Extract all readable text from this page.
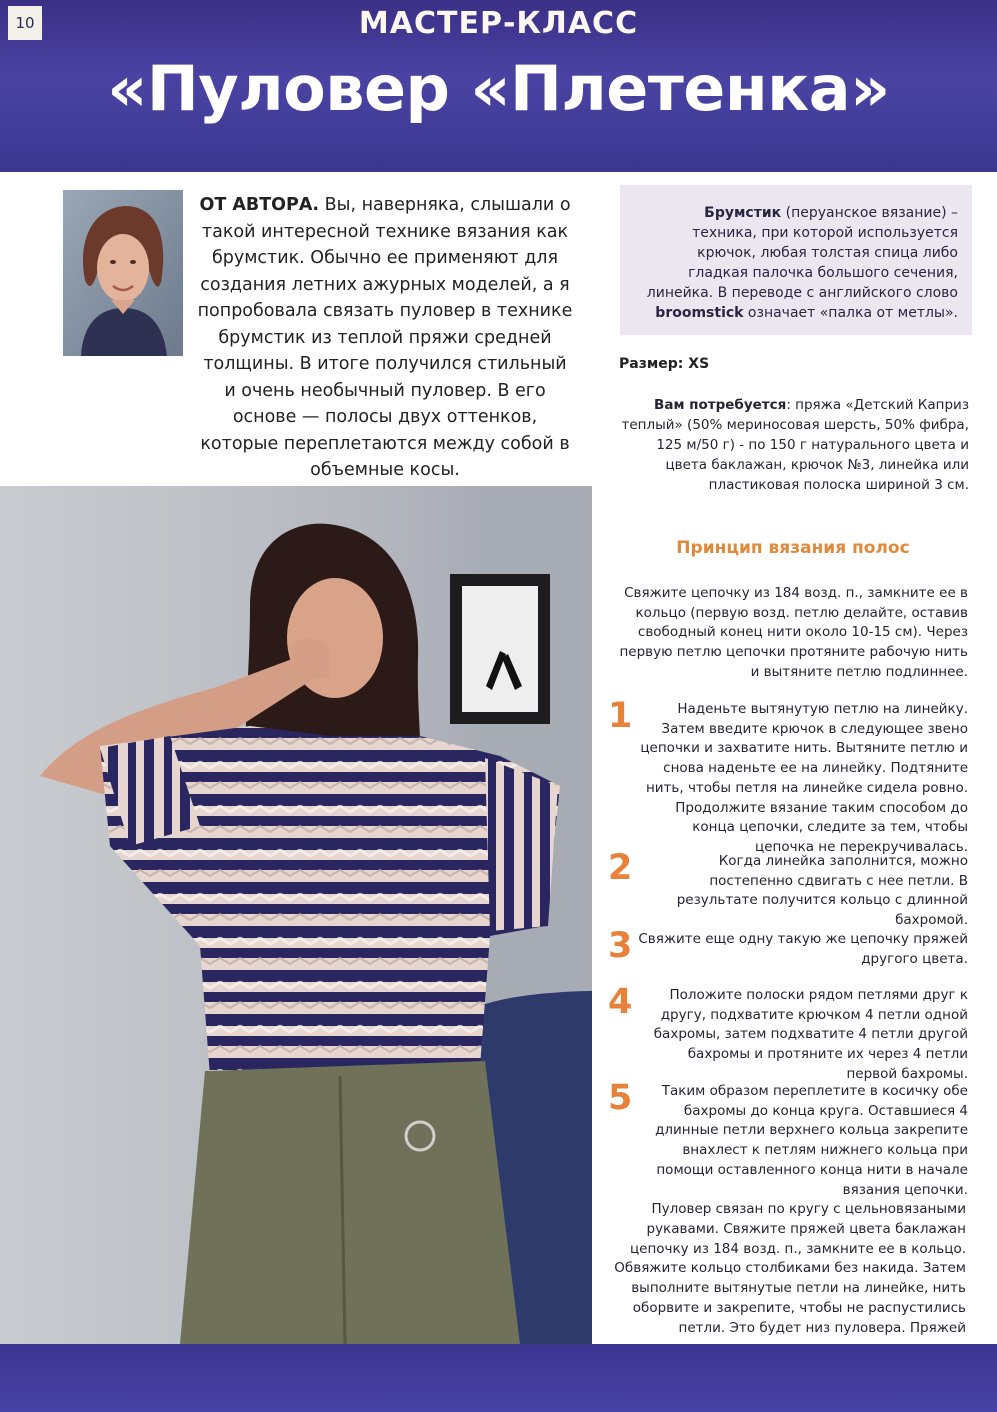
10	МАСТЕР-КЛАСС
«Пуловер «Плетенка»
ОТ АВТОРА. Вы, наверняка, слышали о такой интересной технике вязания как брумстик. Обычно ее применяют для создания летних ажурных моделей, а я попробовала связать пуловер в технике брумстик из теплой пряжи средней толщины. В итоге получился стильный и очень необычный пуловер. В его основе — полосы двух оттенков, которые переплетаются между собой в объемные косы.
Брумстик (перуанское вязание) – техника, при которой используется крючок, любая толстая спица либо гладкая палочка большого сечения, линейка. В переводе с английского слово broomstick означает «палка от метлы».
Размер: XS
Вам потребуется: пряжа «Детский Каприз теплый» (50% мериносовая шерсть, 50% фибра, 125 м/50 г) - по 150 г натурального цвета и цвета баклажан, крючок №3, линейка или пластиковая полоска шириной 3 см.
Принцип вязания полос
Свяжите цепочку из 184 возд. п., замкните ее в кольцо (первую возд. петлю делайте, оставив свободный конец нити около 10-15 см). Через первую петлю цепочки протяните рабочую нить и вытяните петлю подлиннее.
1	Наденьте вытянутую петлю на линейку. Затем введите крючок в следующее звено цепочки и захватите нить. Вытяните петлю и снова наденьте ее на линейку. Подтяните нить, чтобы петля на линейке сидела ровно. Продолжите вязание таким способом до конца цепочки, следите за тем, чтобы цепочка не перекручивалась.
2	Когда линейка заполнится, можно постепенно сдвигать с нее петли. В результате получится кольцо с длинной бахромой.
3 Свяжите еще одну такую же цепочку пряжей другого цвета.
4	Положите полоски рядом петлями друг к другу, подхватите крючком 4 петли одной бахромы, затем подхватите 4 петли другой бахромы и протяните их через 4 петли первой бахромы.
5	Таким образом переплетите в косичку обе бахромы до конца круга. Оставшиеся 4 длинные петли верхнего кольца закрепите внахлест к петлям нижнего кольца при помощи оставленного конца нити в начале вязания цепочки.
Пуловер связан по кругу с цельновязаными рукавами. Свяжите пряжей цвета баклажан цепочку из 184 возд. п., замкните ее в кольцо. Обвяжите кольцо столбиками без накида. Затем выполните вытянутые петли на линейке, нить оборвите и закрепите, чтобы не распустились петли. Это будет низ пуловера. Пряжей
